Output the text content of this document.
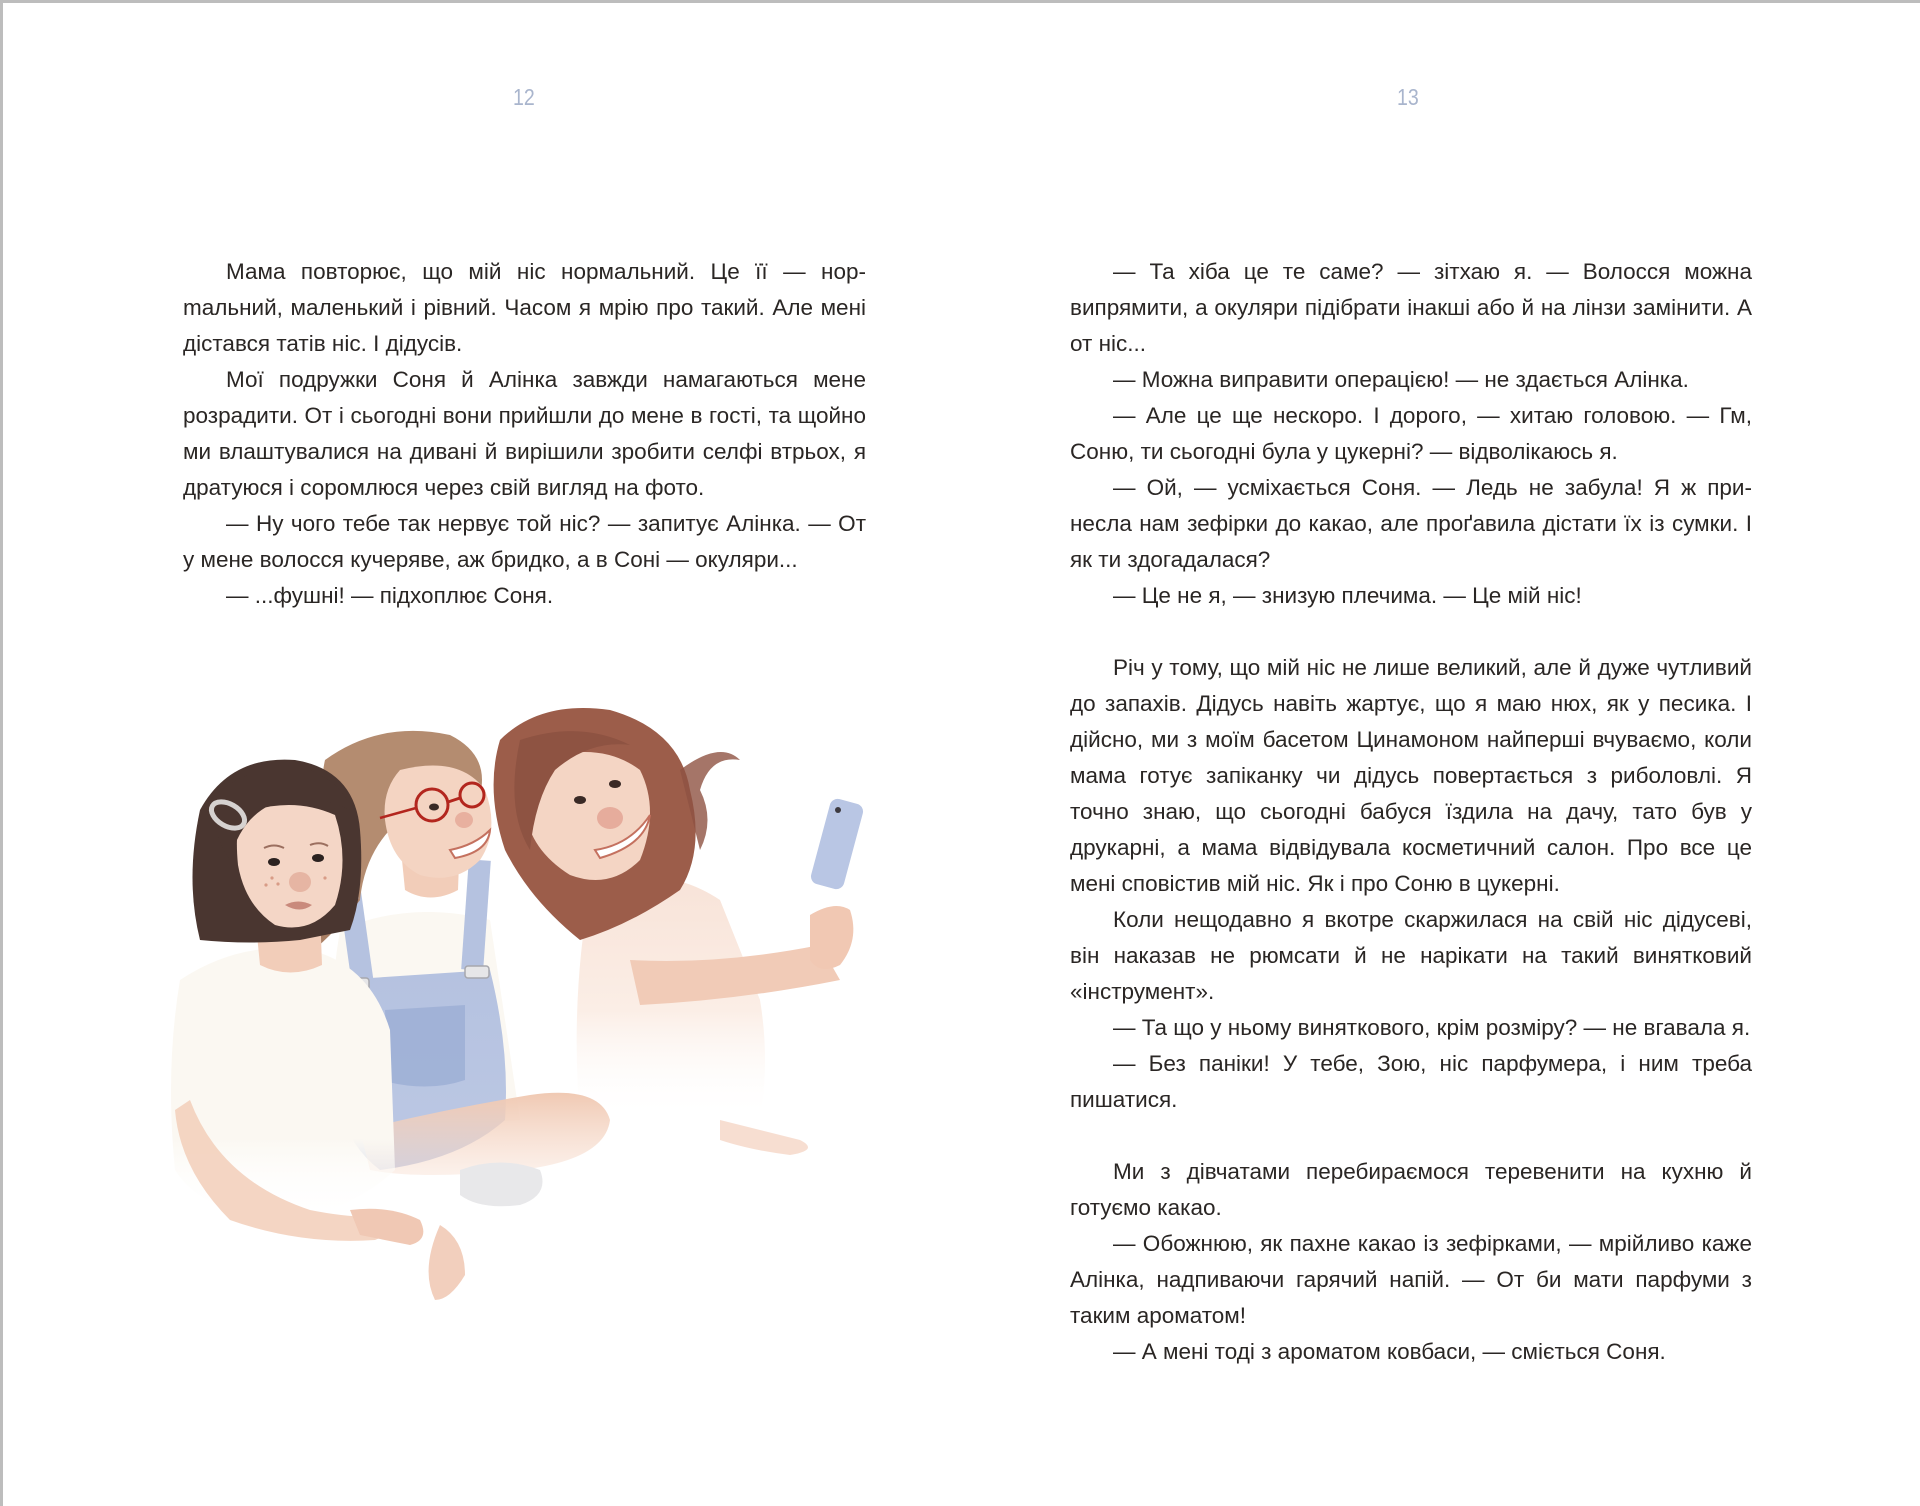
12

Мама повторює, що мій ніс нормальний. Це її — норmальний, маленький і рівний. Часом я мрію про такий. Але мені дістався татів ніс. І дідусів.

Мої подружки Соня й Алінка завжди намагаються мене розрадити. От і сьогодні вони прийшли до мене в гості, та щойно ми влаштувалися на дивані й вирішили зробити селфі втрьох, я дратуюся і соромлюся через свій вигляд на фото.

— Ну чого тебе так нервує той ніс? — запитує Алінка. — От у мене волосся кучеряве, аж бридко, а в Соні — окуляри...

— ...фушні! — підхоплює Соня.

13

— Та хіба це те саме? — зітхаю я. — Волосся можна випрямити, а окуляри підібрати інакші або й на лінзи замінити. А от ніс...

— Можна виправити операцією! — не здається Алінка.

— Але це ще нескоро. І дорого, — хитаю головою. — Гм, Соню, ти сьогодні була у цукерні? — відволікаюсь я.

— Ой, — усміхається Соня. — Ледь не забула! Я ж принесла нам зефірки до какао, але проґавила дістати їх із сумки. І як ти здогадалася?

— Це не я, — знизую плечима. — Це мій ніс!

Річ у тому, що мій ніс не лише великий, але й дуже чутливий до запахів. Дідусь навіть жартує, що я маю нюх, як у песика. І дійсно, ми з моїм басетом Цинамоном найперші вчуваємо, коли мама готує запіканку чи дідусь повертається з риболовлі. Я точно знаю, що сьогодні бабуся їздила на дачу, тато був у друкарні, а мама відвідувала косметичний салон. Про все це мені сповістив мій ніс. Як і про Соню в цукерні.

Коли нещодавно я вкотре скаржилася на свій ніс дідусеві, він наказав не рюмсати й не нарікати на такий винятковий «інструмент».

— Та що у ньому виняткового, крім розміру? — не вгавала я.

— Без паніки! У тебе, Зою, ніс парфумера, і ним треба пишатися.

Ми з дівчатами перебираємося теревенити на кухню й готуємо какао.

— Обожнюю, як пахне какао із зефірками, — мрійливо каже Алінка, надпиваючи гарячий напій. — От би мати парфуми з таким ароматом!

— А мені тоді з ароматом ковбаси, — сміється Соня.
